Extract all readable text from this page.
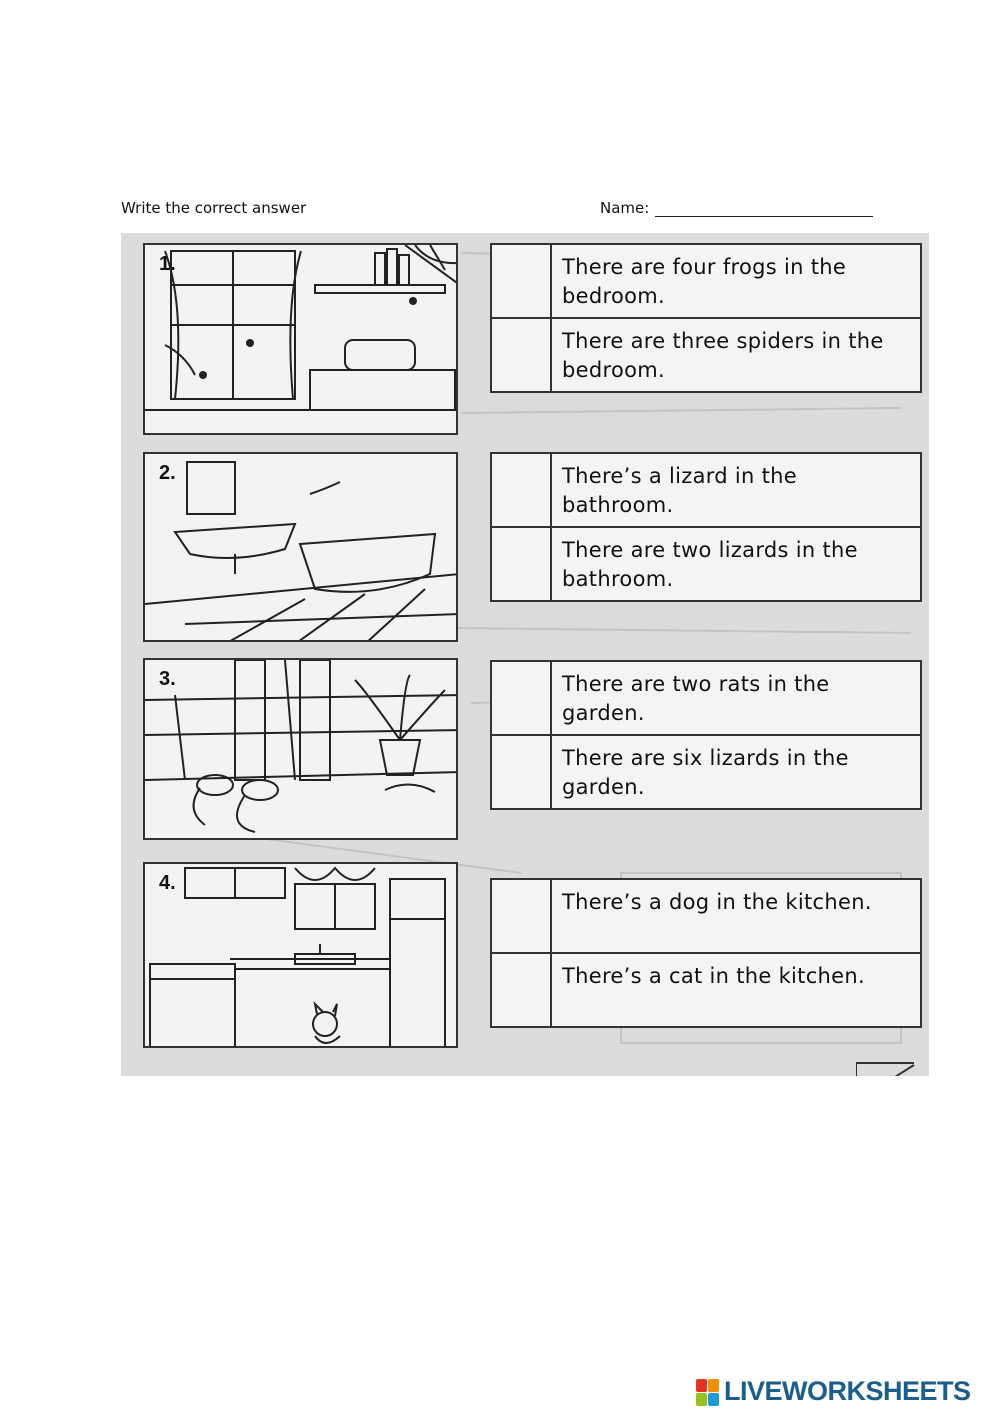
Write the correct answer	Name:
1.
2.
3.
4.
There are four frogs in the bedroom.
There are three spiders in the bedroom.
There’s a lizard in the bathroom.
There are two lizards in the bathroom.
There are two rats in the garden.
There are six lizards in the garden.
There’s a dog in the kitchen.
There’s a cat in the kitchen.
LIVEWORKSHEETS
